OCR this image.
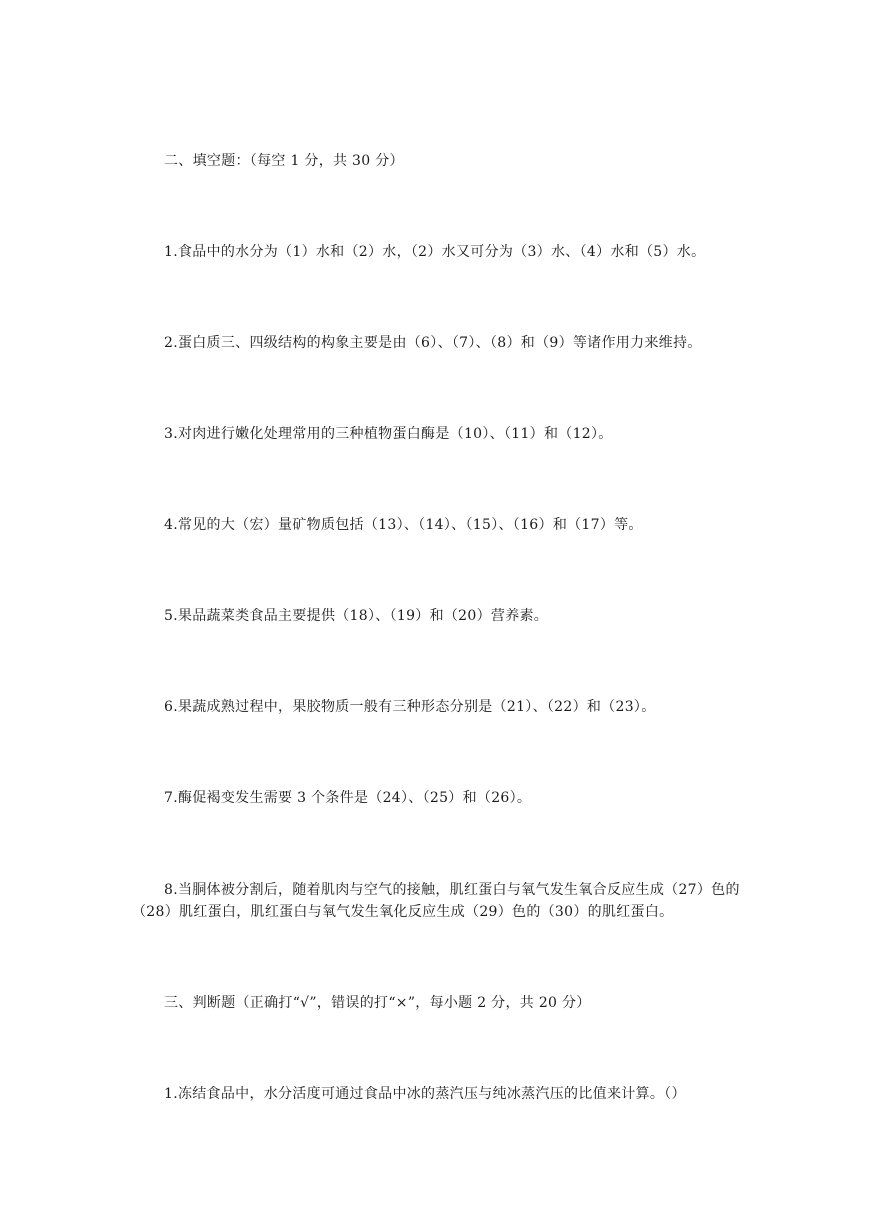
二、填空题：（每空 1 分，共 30 分）

1.食品中的水分为（1）水和（2）水，（2）水又可分为（3）水、（4）水和（5）水。

2.蛋白质三、四级结构的构象主要是由（6）、（7）、（8）和（9）等诸作用力来维持。

3.对肉进行嫩化处理常用的三种植物蛋白酶是（10）、（11）和（12）。

4.常见的大（宏）量矿物质包括（13）、（14）、（15）、（16）和（17）等。

5.果品蔬菜类食品主要提供（18）、（19）和（20）营养素。

6.果蔬成熟过程中，果胶物质一般有三种形态分别是（21）、（22）和（23）。

7.酶促褐变发生需要 3 个条件是（24）、（25）和（26）。

8.当胴体被分割后，随着肌肉与空气的接触，肌红蛋白与氧气发生氧合反应生成（27）色的（28）肌红蛋白，肌红蛋白与氧气发生氧化反应生成（29）色的（30）的肌红蛋白。

三、判断题（正确打“√”，错误的打“×”，每小题 2 分，共 20 分）

1.冻结食品中，水分活度可通过食品中冰的蒸汽压与纯冰蒸汽压的比值来计算。（）
